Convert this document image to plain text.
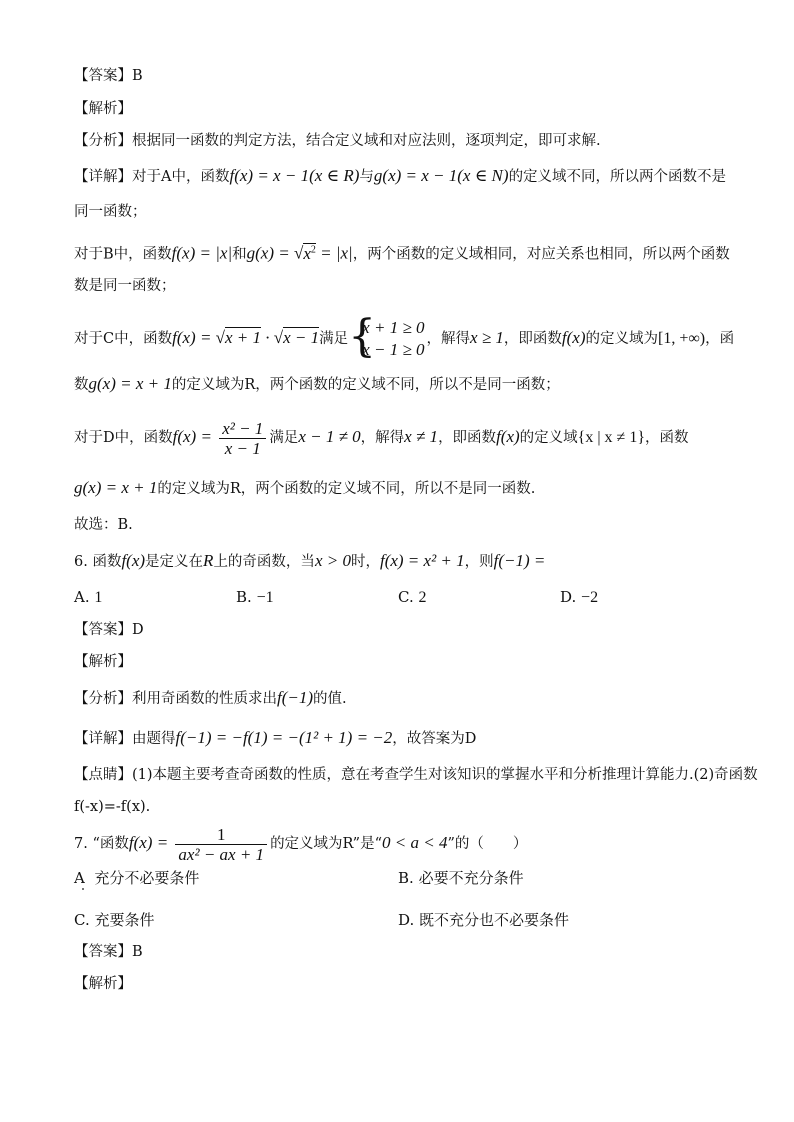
【答案】B
【解析】
【分析】根据同一函数的判定方法，结合定义域和对应法则，逐项判定，即可求解.
【详解】对于A中，函数f(x) = x − 1(x ∈ R)与g(x) = x − 1(x ∈ N)的定义域不同，所以两个函数不是
同一函数；
对于B中，函数f(x) = |x|和$g(x) = √x^2 = |x|$，两个函数的定义域相同，对应关系也相同，所以两个函数
数是同一函数；
对于C中，函数f(x) = √x + 1 · √x − 1满足 {
x + 1 ≥ 0
x − 1 ≥ 0
，解得x ≥ 1，即函数f(x)的定义域为[1, +∞)，函
数g(x) = x + 1的定义域为R，两个函数的定义域不同，所以不是同一函数；
对于D中，函数$f(x) = \frac{\text{x² − 1}}{x - 1}$ 满足x − 1 ≠ 0，解得x ≠ 1，即函数f(x)的定义域{x | x ≠ 1}，函数
g(x) = x + 1的定义域为R，两个函数的定义域不同，所以不是同一函数.
故选：B.
6. 函数f(x)是定义在R上的奇函数，当x > 0时，f(x) = x² + 1，则f(−1) =
A. 1	B. −1	C. 2	D. −2
【答案】D
【解析】
【分析】利用奇函数的性质求出f(−1)的值.
【详解】由题得f(−1) = −f(1) = −(1² + 1) = −2，故答案为D
【点睛】(1)本题主要考查奇函数的性质，意在考查学生对该知识的掌握水平和分析推理计算能力.(2)奇函数
f(-x)=-f(x).
7. “函数$f(x) = \frac{1}{\text{ax² − ax + 1}}$ 的定义域为R”是“0 < a < 4”的（　　）
A 充分不必要条件	B. 必要不充分条件
C. 充要条件	D. 既不充分也不必要条件
【答案】B
【解析】
